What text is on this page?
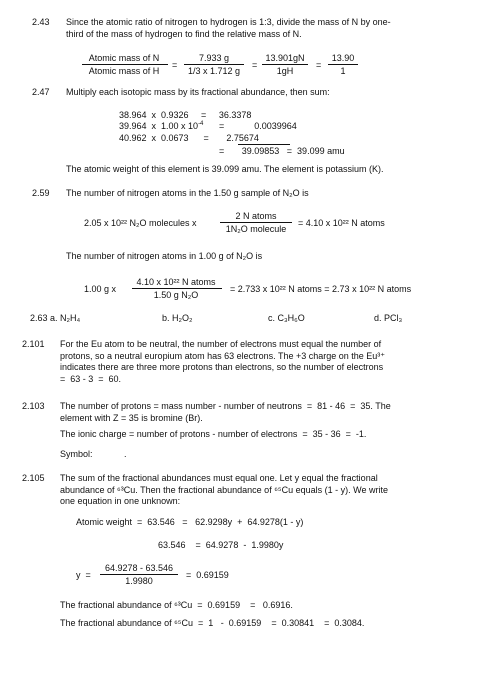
2.43 Since the atomic ratio of nitrogen to hydrogen is 1:3, divide the mass of N by one-
third of the mass of hydrogen to find the relative mass of N.
Atomic mass of N
Atomic mass of H
=
7.933 g
1/3 x 1.712 g
=
13.901gN
1gH
=
13.90
1
2.47 Multiply each isotopic mass by its fractional abundance, then sum:
38.964  x  0.9326     =     36.3378
39.964  x  1.00 x $10^{-4}$ =            0.0039964
40.962  x  0.0673      =       2.75674
=       39.09853   =  39.099 amu
The atomic weight of this element is 39.099 amu. The element is potassium (K).
2.59 The number of nitrogen atoms in the 1.50 g sample of N₂O is
2.05 x 10²² N₂O molecules x
2 N atoms
1N₂O molecule
= 4.10 x 10²² N atoms
The number of nitrogen atoms in 1.00 g of N₂O is
1.00 g x
4.10 x 10²² N atoms
1.50 g N₂O
= 2.733 x 10²² N atoms = 2.73 x 10²² N atoms
2.63 a. N₂H₄	b. H₂O₂	c. C₃H₆O	d. PCl₃
2.101 For the Eu atom to be neutral, the number of electrons must equal the number of
protons, so a neutral europium atom has 63 electrons. The +3 charge on the Eu³⁺
indicates there are three more protons than electrons, so the number of electrons
=  63 - 3  =  60.
2.103 The number of protons = mass number - number of neutrons  =  81 - 46  =  35. The
element with Z = 35 is bromine (Br).
The ionic charge = number of protons - number of electrons  =  35 - 36  =  -1.
Symbol:	.
2.105 The sum of the fractional abundances must equal one. Let y equal the fractional
abundance of ⁶³Cu. Then the fractional abundance of ⁶⁵Cu equals (1 - y). We write
one equation in one unknown:
Atomic weight  =  63.546   =   62.9298y  +  64.9278(1 - y)
63.546    =  64.9278  -  1.9980y
y  =
64.9278 - 63.546
1.9980
=  0.69159
The fractional abundance of ⁶³Cu  =  0.69159    =   0.6916.
The fractional abundance of ⁶⁵Cu  =  1   -  0.69159    =  0.30841    =  0.3084.
